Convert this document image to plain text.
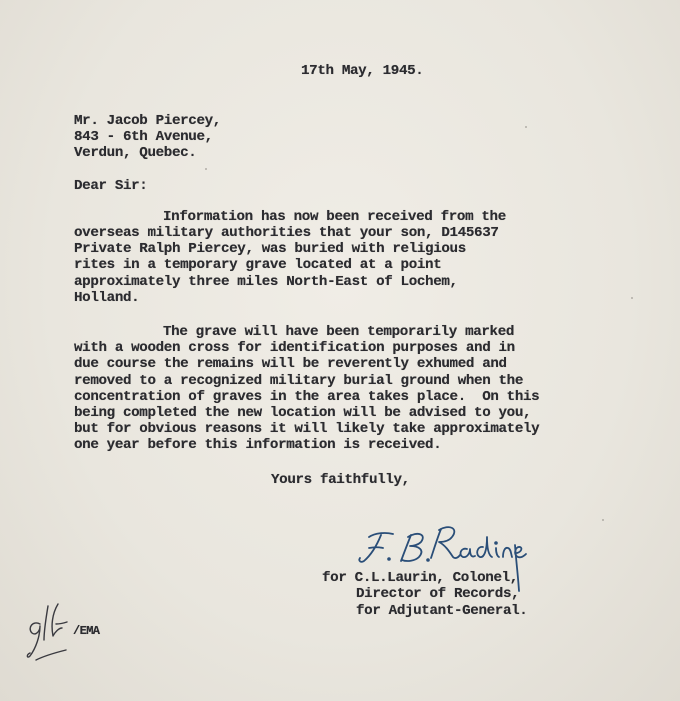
17th May, 1945.
Mr. Jacob Piercey,
843 - 6th Avenue,
Verdun, Quebec.
Dear Sir:
Information has now been received from the
overseas military authorities that your son, D145637
Private Ralph Piercey, was buried with religious
rites in a temporary grave located at a point
approximately three miles North-East of Lochem,
Holland.
The grave will have been temporarily marked
with a wooden cross for identification purposes and in
due course the remains will be reverently exhumed and
removed to a recognized military burial ground when the
concentration of graves in the area takes place.  On this
being completed the new location will be advised to you,
but for obvious reasons it will likely take approximately
one year before this information is received.
Yours faithfully,
for C.L.Laurin, Colonel,
Director of Records,
for Adjutant-General.
/EMA
